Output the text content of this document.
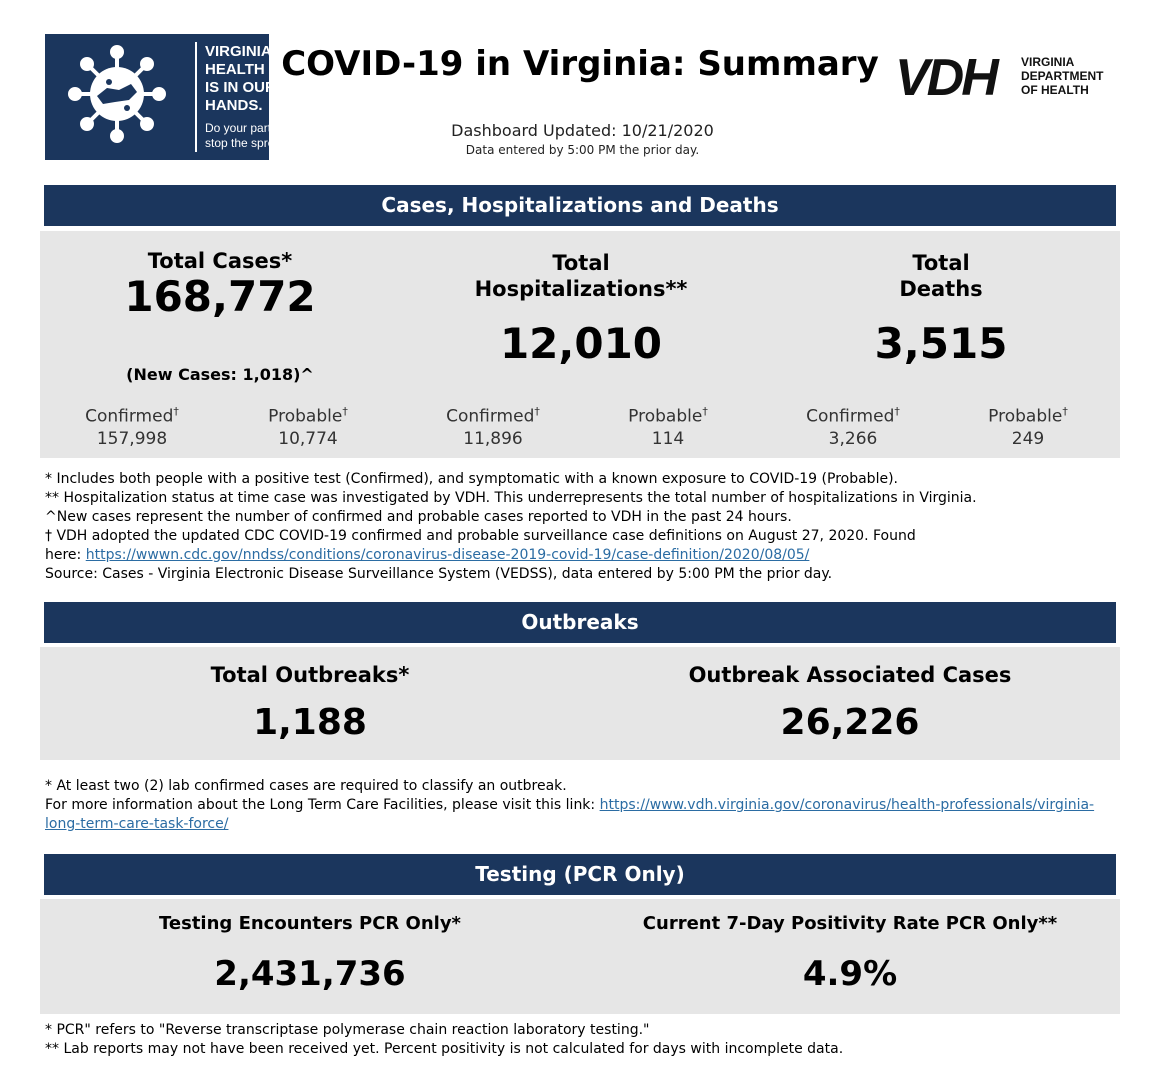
VIRGINIA'S
HEALTH
IS IN OUR
HANDS.
Do your part,
stop the spread.
COVID-19 in Virginia: Summary
Dashboard Updated: 10/21/2020
Data entered by 5:00 PM the prior day.
VDH VIRGINIA
DEPARTMENT
OF HEALTH
Cases, Hospitalizations and Deaths
Total Cases*
168,772
(New Cases: 1,018)^
Total
Hospitalizations**
12,010
Total
Deaths
3,515
Confirmed†
157,998
Probable†
10,774
Confirmed†
11,896
Probable†
114
Confirmed†
3,266
Probable†
249
* Includes both people with a positive test (Confirmed), and symptomatic with a known exposure to COVID-19 (Probable).
** Hospitalization status at time case was investigated by VDH. This underrepresents the total number of hospitalizations in Virginia.
^New cases represent the number of confirmed and probable cases reported to VDH in the past 24 hours.
† VDH adopted the updated CDC COVID-19 confirmed and probable surveillance case definitions on August 27, 2020. Found
here: https://wwwn.cdc.gov/nndss/conditions/coronavirus-disease-2019-covid-19/case-definition/2020/08/05/
Source: Cases - Virginia Electronic Disease Surveillance System (VEDSS), data entered by 5:00 PM the prior day.
Outbreaks
Total Outbreaks*
1,188
Outbreak Associated Cases
26,226
* At least two (2) lab confirmed cases are required to classify an outbreak.
For more information about the Long Term Care Facilities, please visit this link: https://www.vdh.virginia.gov/coronavirus/health-professionals/virginia-
long-term-care-task-force/
Testing (PCR Only)
Testing Encounters PCR Only*
2,431,736
Current 7-Day Positivity Rate PCR Only**
4.9%
* PCR" refers to "Reverse transcriptase polymerase chain reaction laboratory testing."
** Lab reports may not have been received yet. Percent positivity is not calculated for days with incomplete data.
